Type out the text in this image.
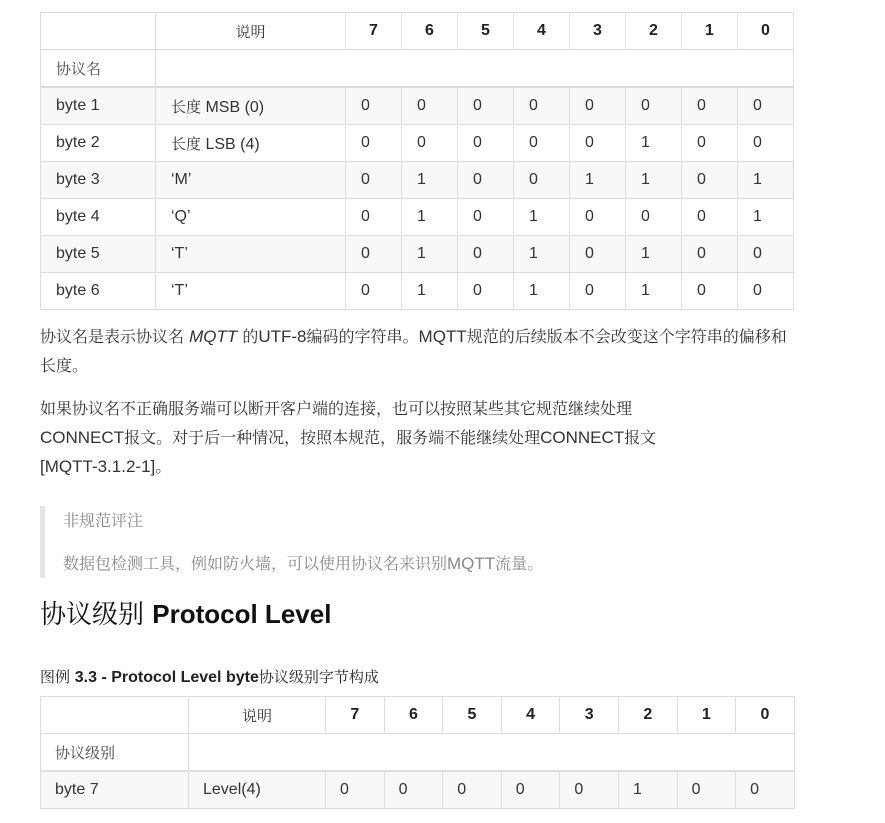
	说明	7	6	5	4	3	2	1	0
协议名									
byte 1	长度 MSB (0)	0	0	0	0	0	0	0	0
byte 2	长度 LSB (4)	0	0	0	0	0	1	0	0
byte 3	‘M’	0	1	0	0	1	1	0	1
byte 4	‘Q’	0	1	0	1	0	0	0	1
byte 5	‘T’	0	1	0	1	0	1	0	0
byte 6	‘T’	0	1	0	1	0	1	0	0

协议名是表示协议名 MQTT 的UTF-8编码的字符串。MQTT规范的后续版本不会改变这个字符串的偏移和长度。

如果协议名不正确服务端可以断开客户端的连接，也可以按照某些其它规范继续处理
CONNECT报文。对于后一种情况，按照本规范，服务端不能继续处理CONNECT报文
[MQTT-3.1.2-1]。

非规范评注

数据包检测工具，例如防火墙，可以使用协议名来识别MQTT流量。

协议级别 Protocol Level

图例 3.3 - Protocol Level byte协议级别字节构成

	说明	7	6	5	4	3	2	1	0
协议级别									
byte 7	Level(4)	0	0	0	0	0	1	0	0
